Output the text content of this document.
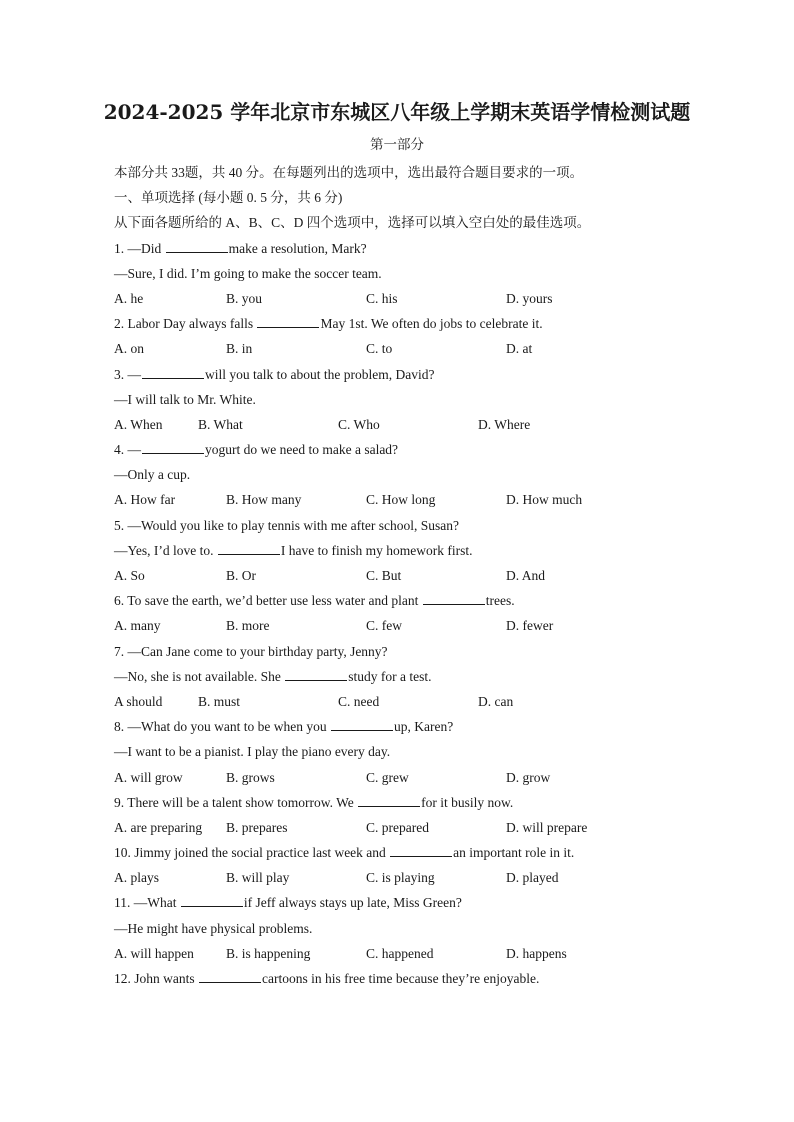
2024-2025 学年北京市东城区八年级上学期末英语学情检测试题
第一部分
本部分共 33题，共 40 分。在每题列出的选项中，选出最符合题目要求的一项。
一、单项选择 (每小题 0. 5 分，共 6 分)
从下面各题所给的 A、B、C、D 四个选项中，选择可以填入空白处的最佳选项。
1. —Did	make a resolution, Mark?
—Sure, I did. I’m going to make the soccer team.
A. he	B. you	C. his	D. yours
2. Labor Day always falls	May 1st. We often do jobs to celebrate it.
A. on	B. in	C. to	D. at
3. —	will you talk to about the problem, David?
—I will talk to Mr. White.
A. When	B. What	C. Who	D. Where
4. —	yogurt do we need to make a salad?
—Only a cup.
A. How far	B. How many	C. How long	D. How much
5. —Would you like to play tennis with me after school, Susan?
—Yes, I’d love to.	I have to finish my homework first.
A. So	B. Or	C. But	D. And
6. To save the earth, we’d better use less water and plant	trees.
A. many	B. more	C. few	D. fewer
7. —Can Jane come to your birthday party, Jenny?
—No, she is not available. She	study for a test.
A should	B. must	C. need	D. can
8. —What do you want to be when you	up, Karen?
—I want to be a pianist. I play the piano every day.
A. will grow	B. grows	C. grew	D. grow
9. There will be a talent show tomorrow. We	for it busily now.
A. are preparing B. prepares	C. prepared	D. will prepare
10. Jimmy joined the social practice last week and	an important role in it.
A. plays	B. will play	C. is playing	D. played
11. —What	if Jeff always stays up late, Miss Green?
—He might have physical problems.
A. will happen B. is happening	C. happened	D. happens
12. John wants	cartoons in his free time because they’re enjoyable.
